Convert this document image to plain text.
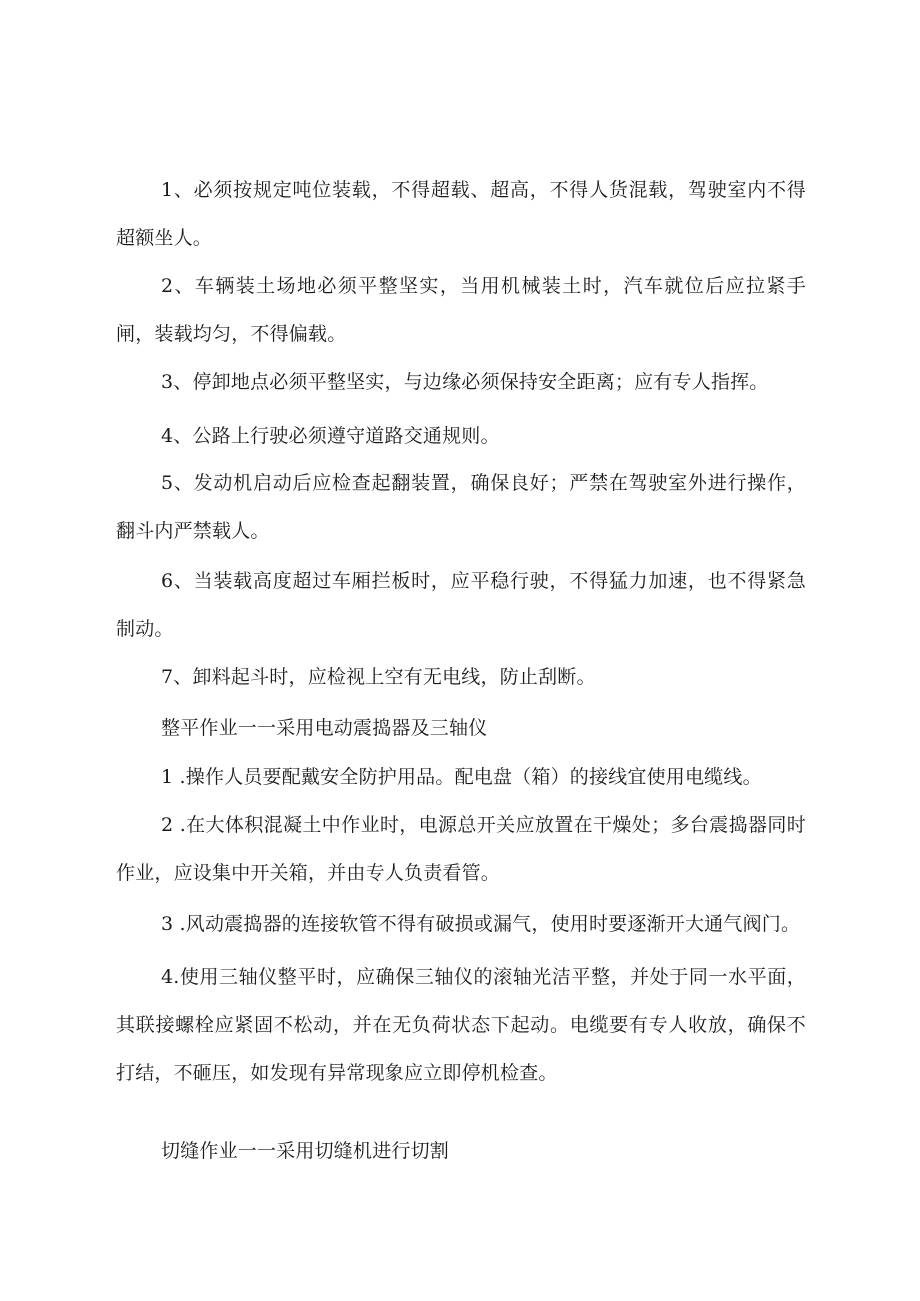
1、必须按规定吨位装载，不得超载、超高，不得人货混载，驾驶室内不得超额坐人。

2、车辆装土场地必须平整坚实，当用机械装土时，汽车就位后应拉紧手闸，装载均匀，不得偏载。

3、停卸地点必须平整坚实，与边缘必须保持安全距离；应有专人指挥。

4、公路上行驶必须遵守道路交通规则。

5、发动机启动后应检查起翻装置，确保良好；严禁在驾驶室外进行操作，翻斗内严禁载人。

6、当装载高度超过车厢拦板时，应平稳行驶，不得猛力加速，也不得紧急制动。

7、卸料起斗时，应检视上空有无电线，防止刮断。

整平作业一一采用电动震捣器及三轴仪

1 .操作人员要配戴安全防护用品。配电盘（箱）的接线宜使用电缆线。

2 .在大体积混凝土中作业时，电源总开关应放置在干燥处；多台震捣器同时作业，应设集中开关箱，并由专人负责看管。

3 .风动震捣器的连接软管不得有破损或漏气，使用时要逐渐开大通气阀门。

4.使用三轴仪整平时，应确保三轴仪的滚轴光洁平整，并处于同一水平面，其联接螺栓应紧固不松动，并在无负荷状态下起动。电缆要有专人收放，确保不打结，不砸压，如发现有异常现象应立即停机检查。

切缝作业一一采用切缝机进行切割
